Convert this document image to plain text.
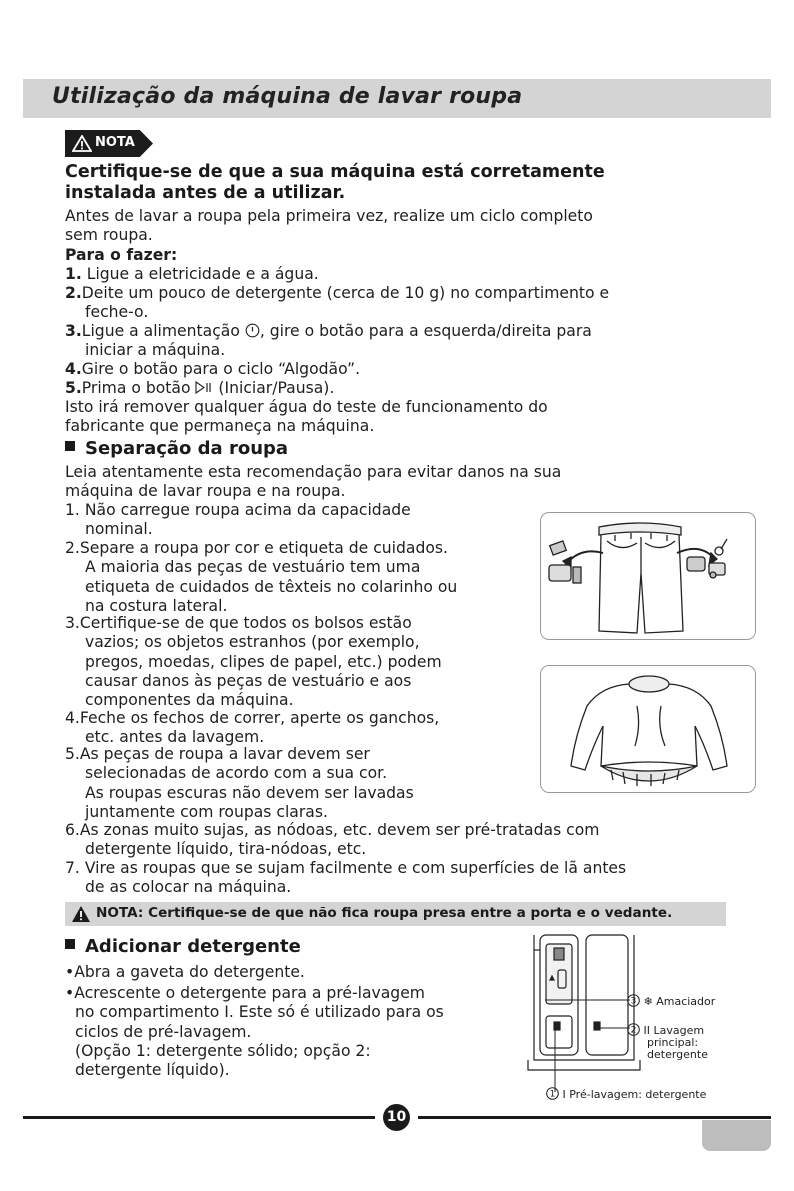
Utilização da máquina de lavar roupa
NOTA
Certifique-se de que a sua máquina está corretamente
instalada antes de a utilizar.
Antes de lavar a roupa pela primeira vez, realize um ciclo completo
sem roupa.
Para o fazer:
1. Ligue a eletricidade e a água.
2.Deite um pouco de detergente (cerca de 10 g) no compartimento e
feche-o.
3.Ligue a alimentação , gire o botão para a esquerda/direita para
iniciar a máquina.
4.Gire o botão para o ciclo “Algodão”.
5.Prima o botão  (Iniciar/Pausa).
Isto irá remover qualquer água do teste de funcionamento do
fabricante que permaneça na máquina.
Separação da roupa
Leia atentamente esta recomendação para evitar danos na sua
máquina de lavar roupa e na roupa.
1. Não carregue roupa acima da capacidade
nominal.
2.Separe a roupa por cor e etiqueta de cuidados.
A maioria das peças de vestuário tem uma
etiqueta de cuidados de têxteis no colarinho ou
na costura lateral.
3.Certifique-se de que todos os bolsos estão
vazios; os objetos estranhos (por exemplo,
pregos, moedas, clipes de papel, etc.) podem
causar danos às peças de vestuário e aos
componentes da máquina.
4.Feche os fechos de correr, aperte os ganchos,
etc. antes da lavagem.
5.As peças de roupa a lavar devem ser
selecionadas de acordo com a sua cor.
As roupas escuras não devem ser lavadas
juntamente com roupas claras.
6.As zonas muito sujas, as nódoas, etc. devem ser pré-tratadas com
detergente líquido, tira-nódoas, etc.
7. Vire as roupas que se sujam facilmente e com superfícies de lã antes
de as colocar na máquina.
NOTA: Certifique-se de que não fica roupa presa entre a porta e o vedante.
Adicionar detergente
•Abra a gaveta do detergente.
•Acrescente o detergente para a pré-lavagem
no compartimento I. Este só é utilizado para os
ciclos de pré-lavagem.
(Opção 1: detergente sólido; opção 2:
detergente líquido).
3 ❄ Amaciador
2 II Lavagem
principal:
detergente
1 I Pré-lavagem: detergente
10
